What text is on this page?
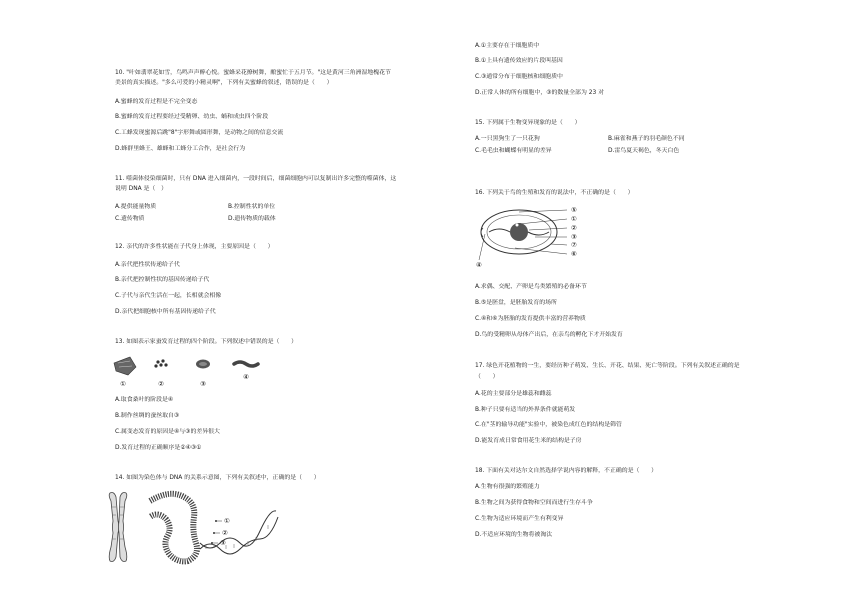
10. "叶如翡翠花如雪，鸟鸣声声醉心悦。蜜蜂采花撩树舞，酿蜜忙于五月节。"这是黄河三角洲湿地槐花节
美景的真实描述。"多么可爱的小精灵啊"，下列有关蜜蜂的叙述，错误的是（　　）
A.蜜蜂的发育过程是不完全变态
B.蜜蜂的发育过程要经过受精卵、幼虫、蛹和成虫四个阶段
C.工蜂发现蜜源后跳"8"字形舞或圆形舞，是动物之间的信息交流
D.蜂群里蜂王、雄蜂和工蜂分工合作，是社会行为
11. 噬菌体侵染细菌时，只有 DNA 进入细菌内，一段时间后，细菌细胞内可以复制出许多完整的噬菌体，这
说明 DNA 是（　）
A.提供能量物质	B.控制性状的单位
C.遗传物质	D.遗传物质的载体
12. 亲代的许多性状能在子代身上体现，主要原因是（　　）
A.亲代把性状传递给子代
B.亲代把控制性状的基因传递给子代
C.子代与亲代生活在一起，长相就会相像
D.亲代把细胞核中所有基因传递给子代
13. 如图表示家蚕发育过程的四个阶段。下列叙述中错误的是（　　）
①	②	③
④
A.取食桑叶的阶段是④
B.制作丝绸的蚕丝取自③
C.属变态发育的原因是④与③的差异很大
D.发育过程的正确顺序是②④③①
14. 如图为染色体与 DNA 的关系示意图，下列有关叙述中，正确的是（　　）
①
②
③
A.①主要存在于细胞质中
B.①上具有遗传效应的片段叫基因
C.③通常分布于细胞核和细胞质中
D.正常人体的所有细胞中，③的数量全部为 23 对
15. 下列属于生物变异现象的是（　　）
A.一只黑狗生了一只花狗	B.麻雀和燕子的羽毛颜色不同
C.毛毛虫和蝴蝶有明显的差异	D.雷鸟夏天褐色，冬天白色
16. 下列关于鸟的生殖和发育的说法中，不正确的是（　　）
⑤
①
②
③
⑦
⑥
④
A.求偶、交配、产卵是鸟类繁殖的必备环节
B.⑤是胚盘，是胚胎发育的场所
C.④和⑥为胚胎的发育提供丰富的营养物质
D.鸟的受精卵从母体产出后，在亲鸟的孵化下才开始发育
17. 绿色开花植物的一生，要经历种子萌发、生长、开花、结果、死亡等阶段。下列有关叙述正确的是
（　　）
A.花的主要部分是雄蕊和雌蕊
B.种子只要有适当的外界条件就能萌发
C.在"茎的输导功能"实验中，被染色成红色的结构是筛管
D.能发育成日常食用花生米的结构是子房
18. 下面有关对达尔文自然选择学说内容的解释，不正确的是（　　）
A.生物有很强的繁殖能力
B.生物之间为获得食物和空间而进行生存斗争
C.生物为适应环境而产生有利变异
D.不适应环境的生物将被淘汰
